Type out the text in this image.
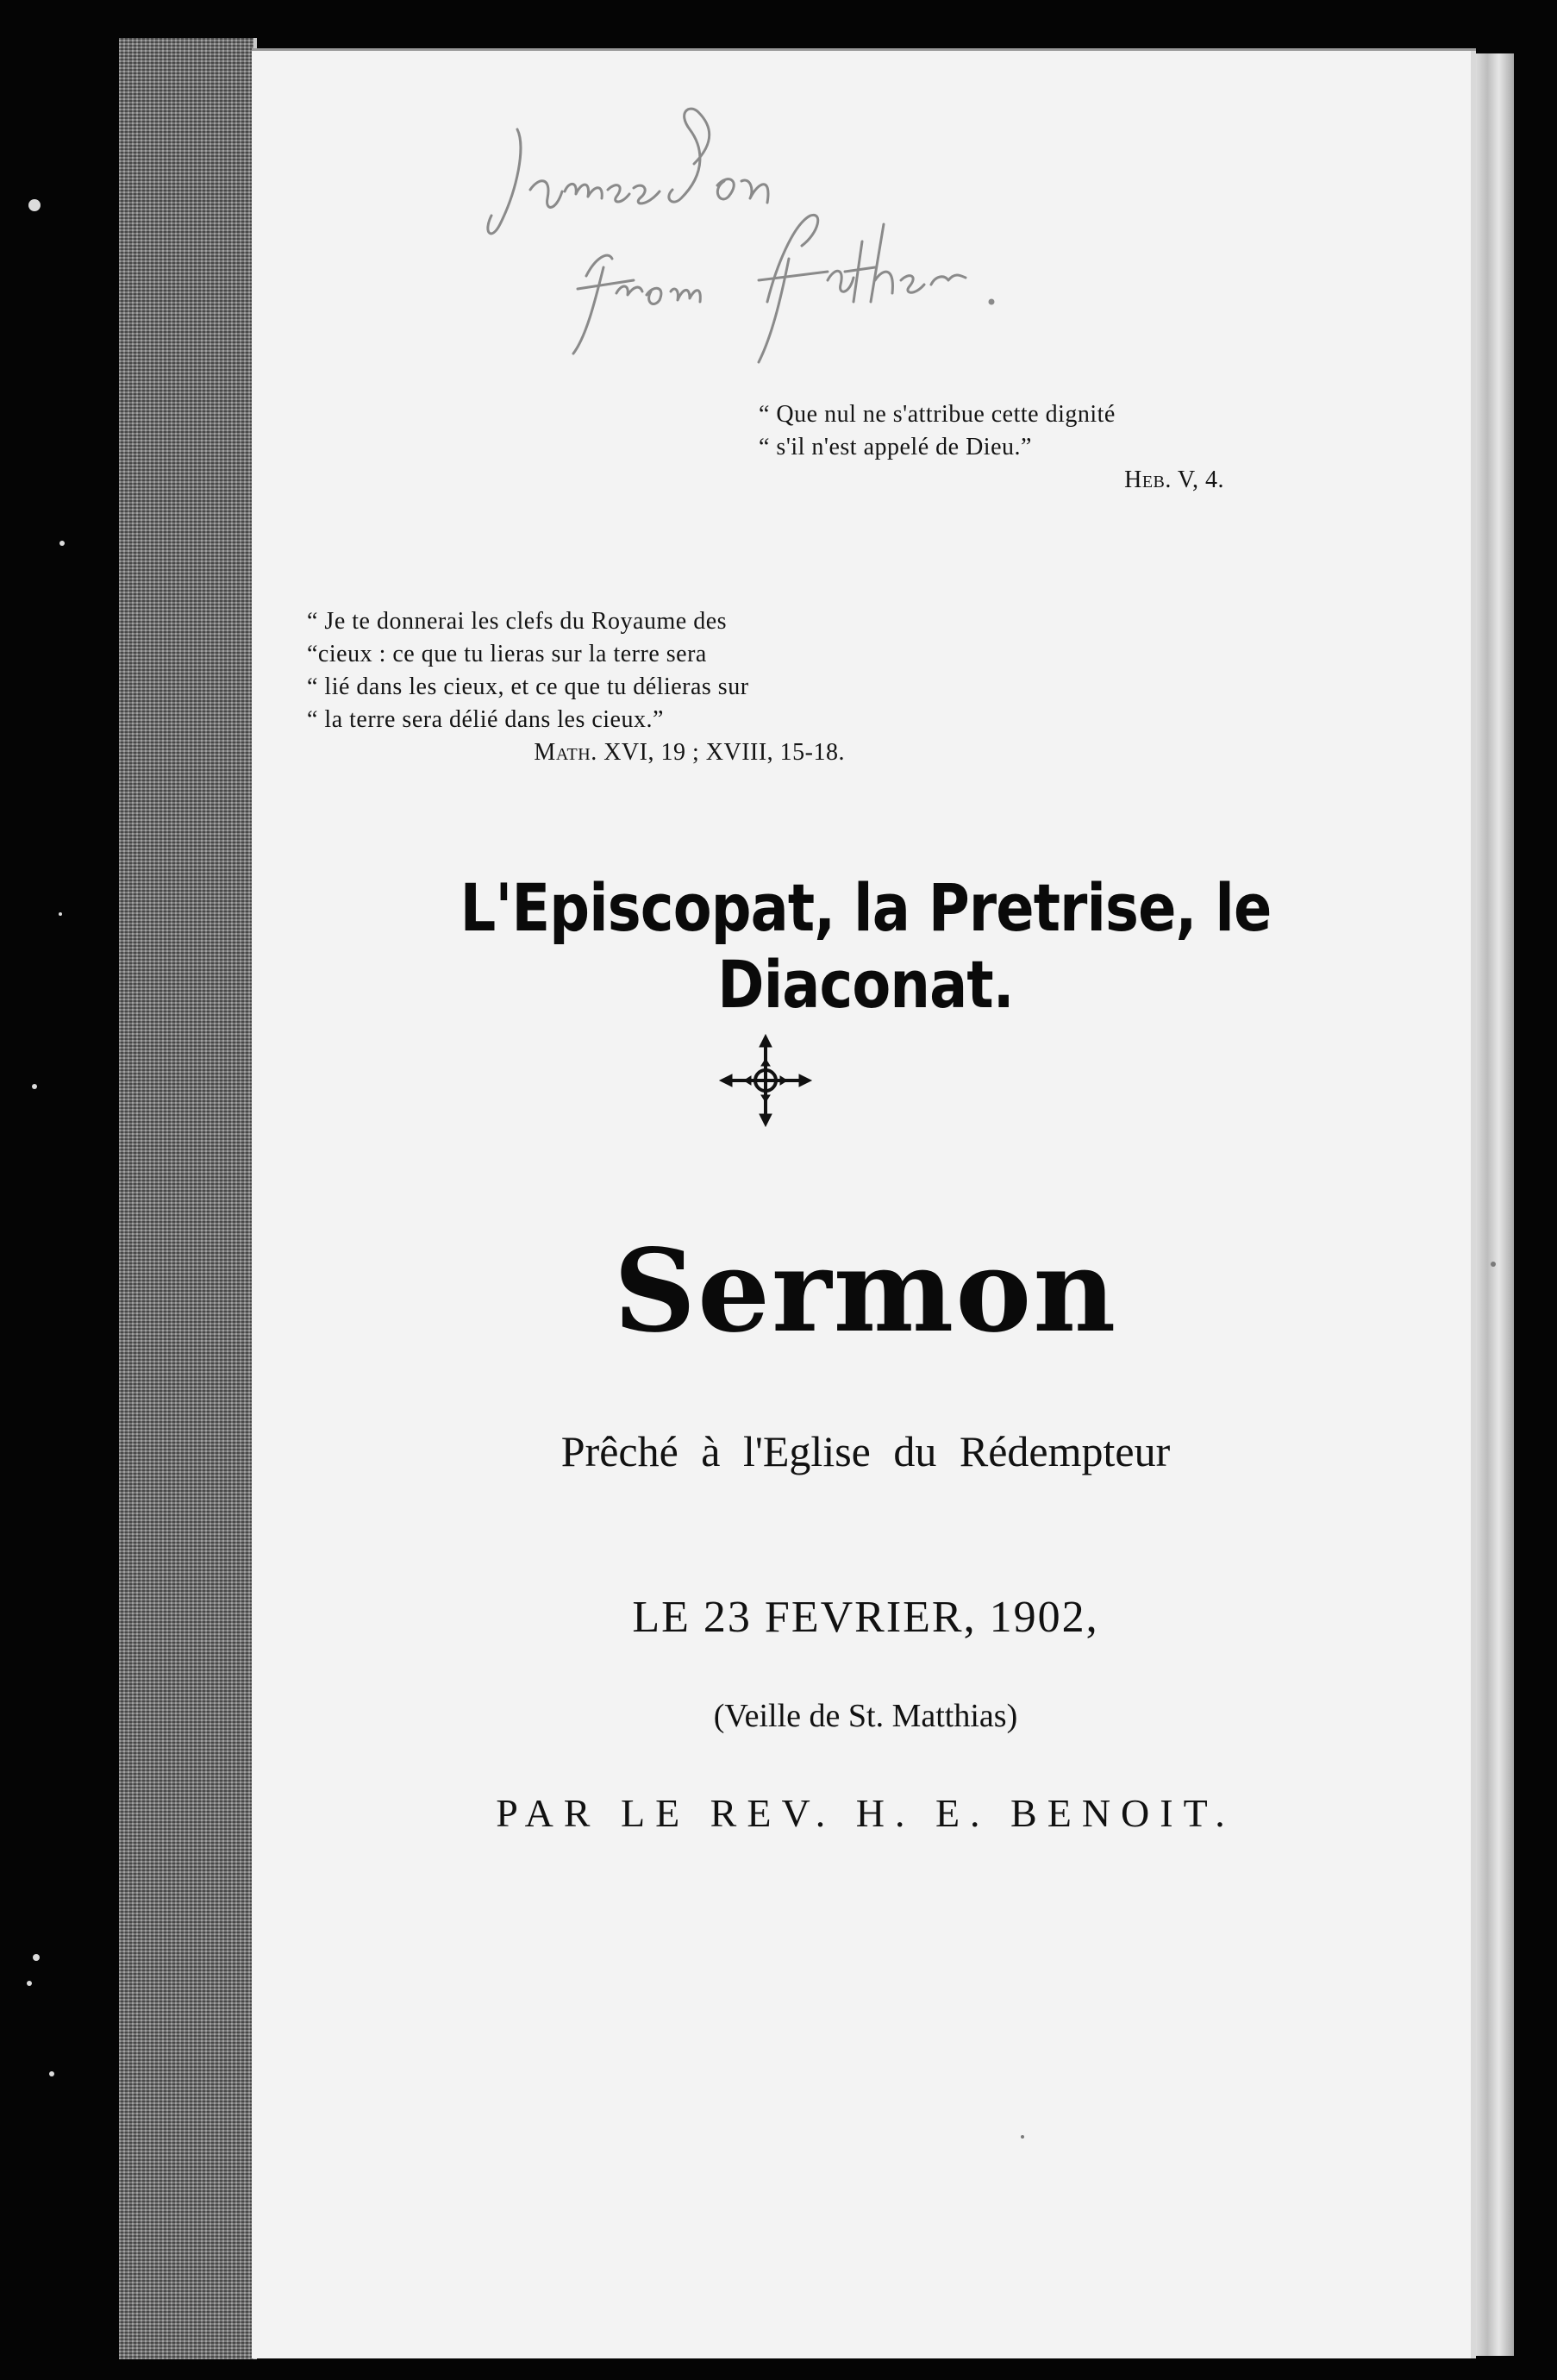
“ Que nul ne s'attribue cette dignité
“ s'il n'est appelé de Dieu.”
Heb. V, 4.
“ Je te donnerai les clefs du Royaume des
“cieux : ce que tu lieras sur la terre sera
“ lié dans les cieux, et ce que tu délieras sur
“ la terre sera délié dans les cieux.”
Math. XVI, 19 ; XVIII, 15-18.
L'Episcopat, la Pretrise, le Diaconat.
Sermon
Prêché à l'Eglise du Rédempteur
LE 23 FEVRIER, 1902,
(Veille de St. Matthias)
PAR LE REV. H. E. BENOIT.
